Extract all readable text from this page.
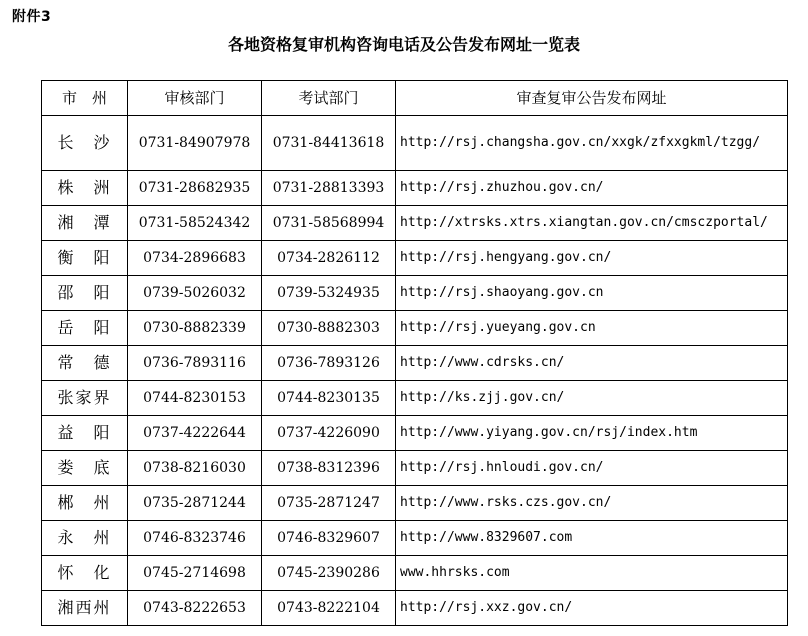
附件3
各地资格复审机构咨询电话及公告发布网址一览表
市　州	审核部门	考试部门	审查复审公告发布网址
长　沙	0731-84907978	0731-84413618	http://rsj.changsha.gov.cn/xxgk/zfxxgkml/tzgg/
株　洲	0731-28682935	0731-28813393	http://rsj.zhuzhou.gov.cn/
湘　潭	0731-58524342	0731-58568994	http://xtrsks.xtrs.xiangtan.gov.cn/cmsczportal/
衡　阳	0734-2896683	0734-2826112	http://rsj.hengyang.gov.cn/
邵　阳	0739-5026032	0739-5324935	http://rsj.shaoyang.gov.cn
岳　阳	0730-8882339	0730-8882303	http://rsj.yueyang.gov.cn
常　德	0736-7893116	0736-7893126	http://www.cdrsks.cn/
张家界	0744-8230153	0744-8230135	http://ks.zjj.gov.cn/
益　阳	0737-4222644	0737-4226090	http://www.yiyang.gov.cn/rsj/index.htm
娄　底	0738-8216030	0738-8312396	http://rsj.hnloudi.gov.cn/
郴　州	0735-2871244	0735-2871247	http://www.rsks.czs.gov.cn/
永　州	0746-8323746	0746-8329607	http://www.8329607.com
怀　化	0745-2714698	0745-2390286	www.hhrsks.com
湘西州	0743-8222653	0743-8222104	http://rsj.xxz.gov.cn/
